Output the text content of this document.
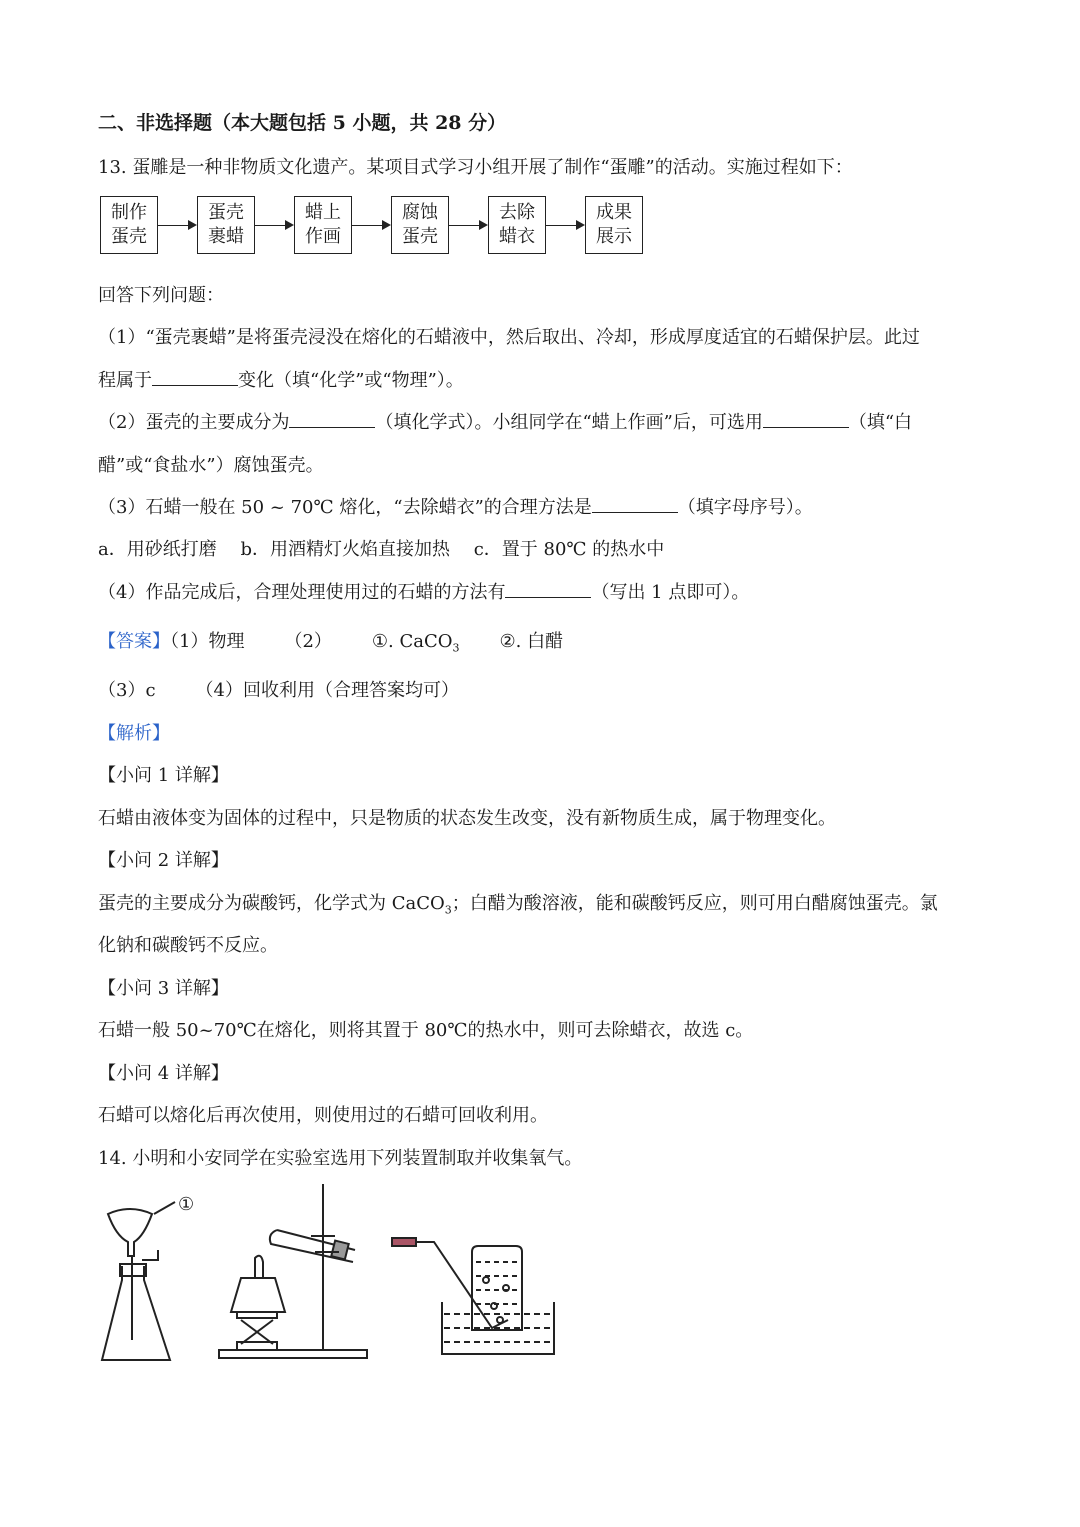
二、非选择题（本大题包括 5 小题，共 28 分）
13. 蛋雕是一种非物质文化遗产。某项目式学习小组开展了制作“蛋雕”的活动。实施过程如下：
制作
蛋壳
蛋壳
裹蜡
蜡上
作画
腐蚀
蛋壳
去除
蜡衣
成果
展示
回答下列问题：
（1）“蛋壳裹蜡”是将蛋壳浸没在熔化的石蜡液中，然后取出、冷却，形成厚度适宜的石蜡保护层。此过
程属于	变化（填“化学”或“物理”）。
（2）蛋壳的主要成分为	（填化学式）。小组同学在“蜡上作画”后，可选用	（填“白
醋”或“食盐水”）腐蚀蛋壳。
（3）石蜡一般在 50 ~ 70℃ 熔化，“去除蜡衣”的合理方法是	（填字母序号）。
a．用砂纸打磨　 b．用酒精灯火焰直接加热　 c．置于 80℃ 的热水中
（4）作品完成后，合理处理使用过的石蜡的方法有	（写出 1 点即可）。
【答案】（1）物理 （2） ①. CaCO$_3$ ②. 白醋
（3）c （4）回收利用（合理答案均可）
【解析】
【小问 1 详解】
石蜡由液体变为固体的过程中，只是物质的状态发生改变，没有新物质生成，属于物理变化。
【小问 2 详解】
蛋壳的主要成分为碳酸钙，化学式为 CaCO$_3$；白醋为酸溶液，能和碳酸钙反应，则可用白醋腐蚀蛋壳。氯
化钠和碳酸钙不反应。
【小问 3 详解】
石蜡一般 50~70℃在熔化，则将其置于 80℃的热水中，则可去除蜡衣，故选 c。
【小问 4 详解】
石蜡可以熔化后再次使用，则使用过的石蜡可回收利用。
14. 小明和小安同学在实验室选用下列装置制取并收集氧气。
①
